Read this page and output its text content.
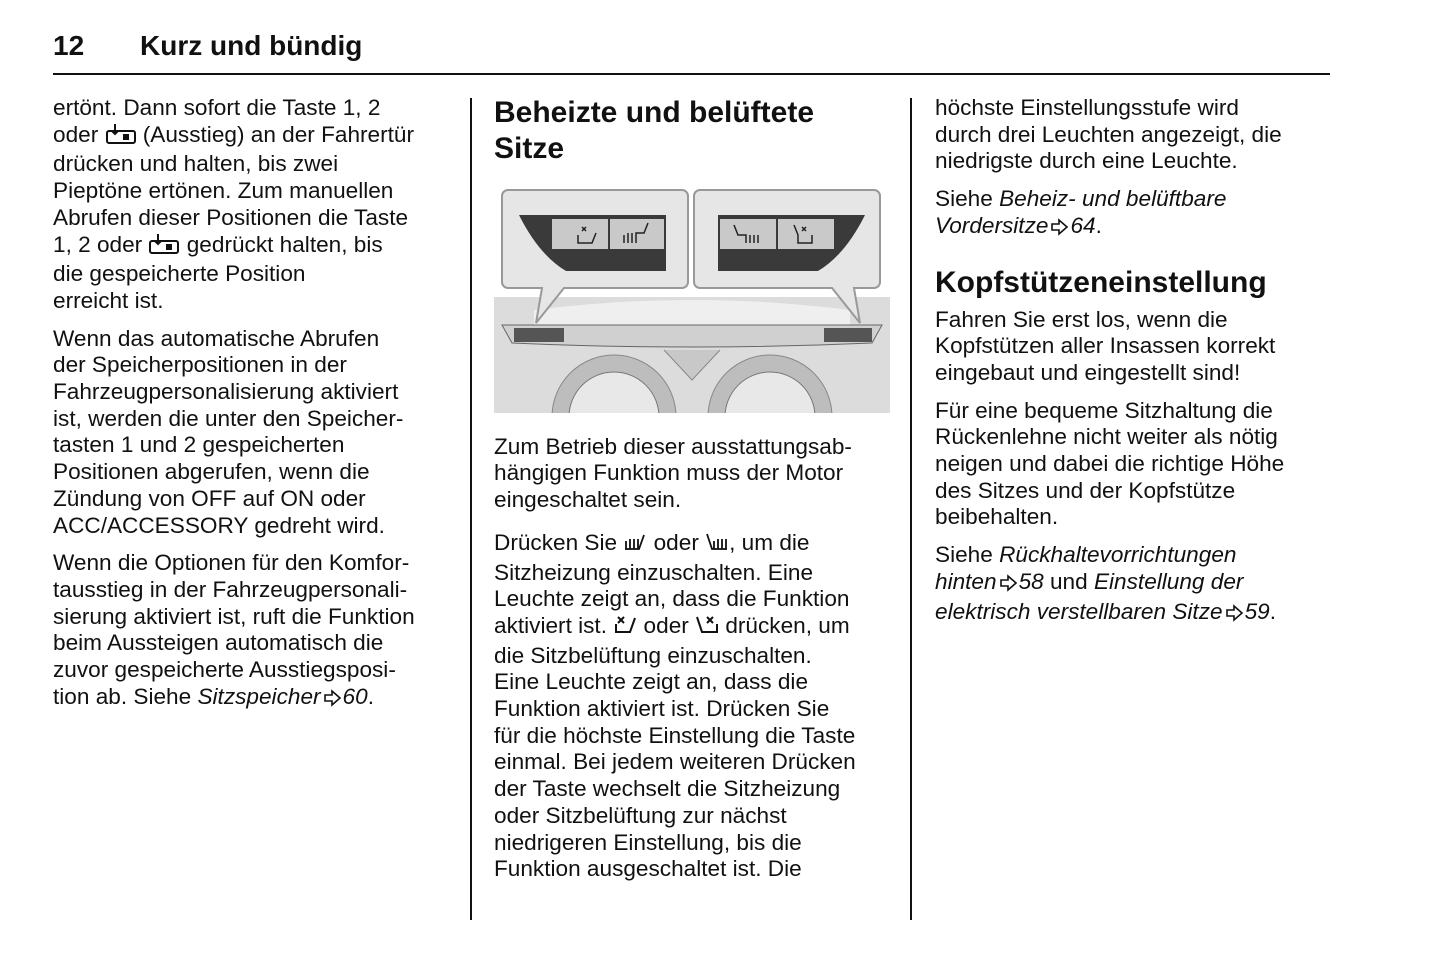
12 Kurz und bündig

ertönt. Dann sofort die Taste 1, 2
oder  (Ausstieg) an der Fahrertür
drücken und halten, bis zwei
Pieptöne ertönen. Zum manuellen
Abrufen dieser Positionen die Taste
1, 2 oder  gedrückt halten, bis
die gespeicherte Position
erreicht ist.

Wenn das automatische Abrufen
der Speicherpositionen in der
Fahrzeugpersonalisierung aktiviert
ist, werden die unter den Speicher-
tasten 1 und 2 gespeicherten
Positionen abgerufen, wenn die
Zündung von OFF auf ON oder
ACC/ACCESSORY gedreht wird.

Wenn die Optionen für den Komfor-
tausstieg in der Fahrzeugpersonali-
sierung aktiviert ist, ruft die Funktion
beim Aussteigen automatisch die
zuvor gespeicherte Ausstiegsposi-
tion ab. Siehe Sitzspeicher 60.

Beheizte und belüftete
Sitze

Zum Betrieb dieser ausstattungsab-
hängigen Funktion muss der Motor
eingeschaltet sein.

Drücken Sie  oder , um die
Sitzheizung einzuschalten. Eine
Leuchte zeigt an, dass die Funktion
aktiviert ist.  oder  drücken, um
die Sitzbelüftung einzuschalten.
Eine Leuchte zeigt an, dass die
Funktion aktiviert ist. Drücken Sie
für die höchste Einstellung die Taste
einmal. Bei jedem weiteren Drücken
der Taste wechselt die Sitzheizung
oder Sitzbelüftung zur nächst
niedrigeren Einstellung, bis die
Funktion ausgeschaltet ist. Die

höchste Einstellungsstufe wird
durch drei Leuchten angezeigt, die
niedrigste durch eine Leuchte.

Siehe Beheiz- und belüftbare
Vordersitze 64.

Kopfstützeneinstellung

Fahren Sie erst los, wenn die
Kopfstützen aller Insassen korrekt
eingebaut und eingestellt sind!

Für eine bequeme Sitzhaltung die
Rückenlehne nicht weiter als nötig
neigen und dabei die richtige Höhe
des Sitzes und der Kopfstütze
beibehalten.

Siehe Rückhaltevorrichtungen
hinten 58 und Einstellung der
elektrisch verstellbaren Sitze 59.
